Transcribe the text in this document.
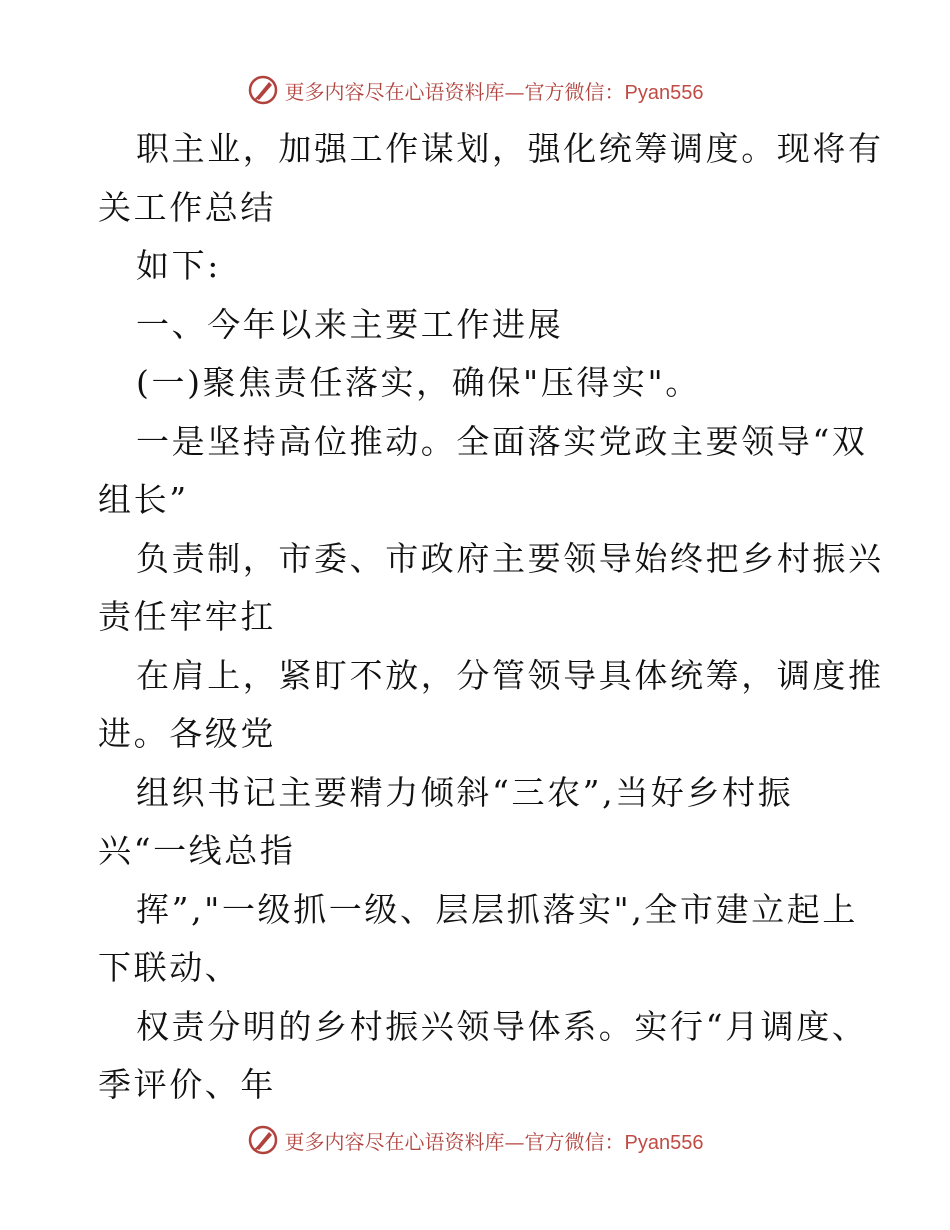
更多内容尽在心语资料库—官方微信：Pyan556
职主业，加强工作谋划，强化统筹调度。现将有
关工作总结
如下:
一、今年以来主要工作进展
(一)聚焦责任落实，确保"压得实"。
一是坚持高位推动。全面落实党政主要领导“双
组长”
负责制，市委、市政府主要领导始终把乡村振兴
责任牢牢扛
在肩上，紧盯不放，分管领导具体统筹，调度推
进。各级党
组织书记主要精力倾斜“三农”,当好乡村振
兴“一线总指
挥”,"一级抓一级、层层抓落实",全市建立起上
下联动、
权责分明的乡村振兴领导体系。实行“月调度、
季评价、年
更多内容尽在心语资料库—官方微信：Pyan556
